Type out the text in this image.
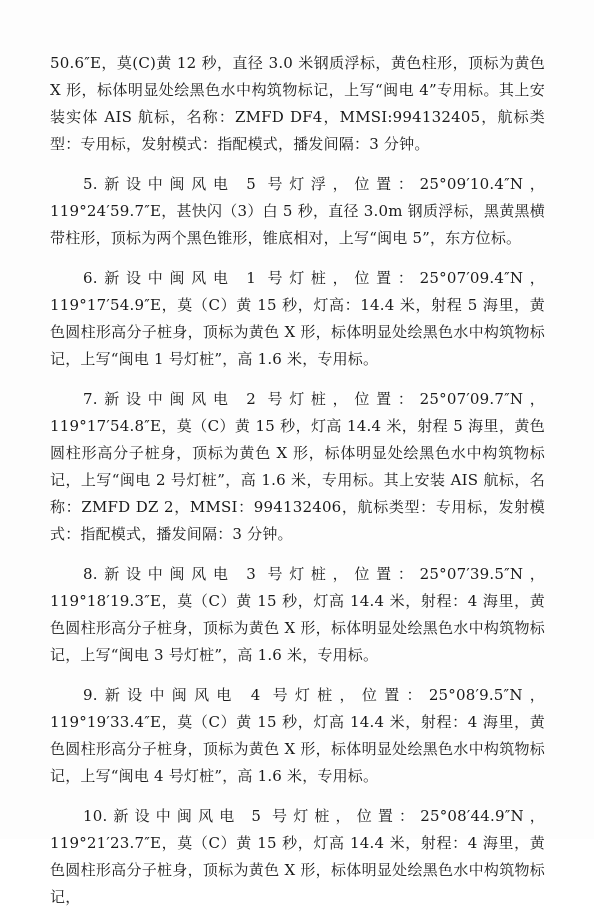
50.6″E，莫(C)黄 12 秒，直径 3.0 米钢质浮标，黄色柱形，顶标为黄色 X 形，标体明显处绘黑色水中构筑物标记，上写“闽电 4”专用标。其上安装实体 AIS 航标，名称：ZMFD DF4，MMSI:994132405，航标类型：专用标，发射模式：指配模式，播发间隔：3 分钟。

5.新设中闽风电 5 号灯浮，位置：25°09′10.4″N，119°24′59.7″E，甚快闪（3）白 5 秒，直径 3.0m 钢质浮标，黑黄黑横带柱形，顶标为两个黑色锥形，锥底相对，上写“闽电 5”，东方位标。

6.新设中闽风电 1 号灯桩，位置：25°07′09.4″N，119°17′54.9″E，莫（C）黄 15 秒，灯高：14.4 米，射程 5 海里，黄色圆柱形高分子桩身，顶标为黄色 X 形，标体明显处绘黑色水中构筑物标记，上写“闽电 1 号灯桩”，高 1.6 米，专用标。

7.新设中闽风电 2 号灯桩，位置：25°07′09.7″N，119°17′54.8″E，莫（C）黄 15 秒，灯高 14.4 米，射程 5 海里，黄色圆柱形高分子桩身，顶标为黄色 X 形，标体明显处绘黑色水中构筑物标记，上写“闽电 2 号灯桩”，高 1.6 米，专用标。其上安装 AIS 航标，名称：ZMFD DZ 2，MMSI：994132406，航标类型：专用标，发射模式：指配模式，播发间隔：3 分钟。

8.新设中闽风电 3 号灯桩，位置：25°07′39.5″N，119°18′19.3″E，莫（C）黄 15 秒，灯高 14.4 米，射程：4 海里，黄色圆柱形高分子桩身，顶标为黄色 X 形，标体明显处绘黑色水中构筑物标记，上写“闽电 3 号灯桩”，高 1.6 米，专用标。

9.新设中闽风电 4 号灯桩，位置：25°08′9.5″N，119°19′33.4″E，莫（C）黄 15 秒，灯高 14.4 米，射程：4 海里，黄色圆柱形高分子桩身，顶标为黄色 X 形，标体明显处绘黑色水中构筑物标记，上写“闽电 4 号灯桩”，高 1.6 米，专用标。

10.新设中闽风电 5 号灯桩，位置：25°08′44.9″N，119°21′23.7″E，莫（C）黄 15 秒，灯高 14.4 米，射程：4 海里，黄色圆柱形高分子桩身，顶标为黄色 X 形，标体明显处绘黑色水中构筑物标记，
